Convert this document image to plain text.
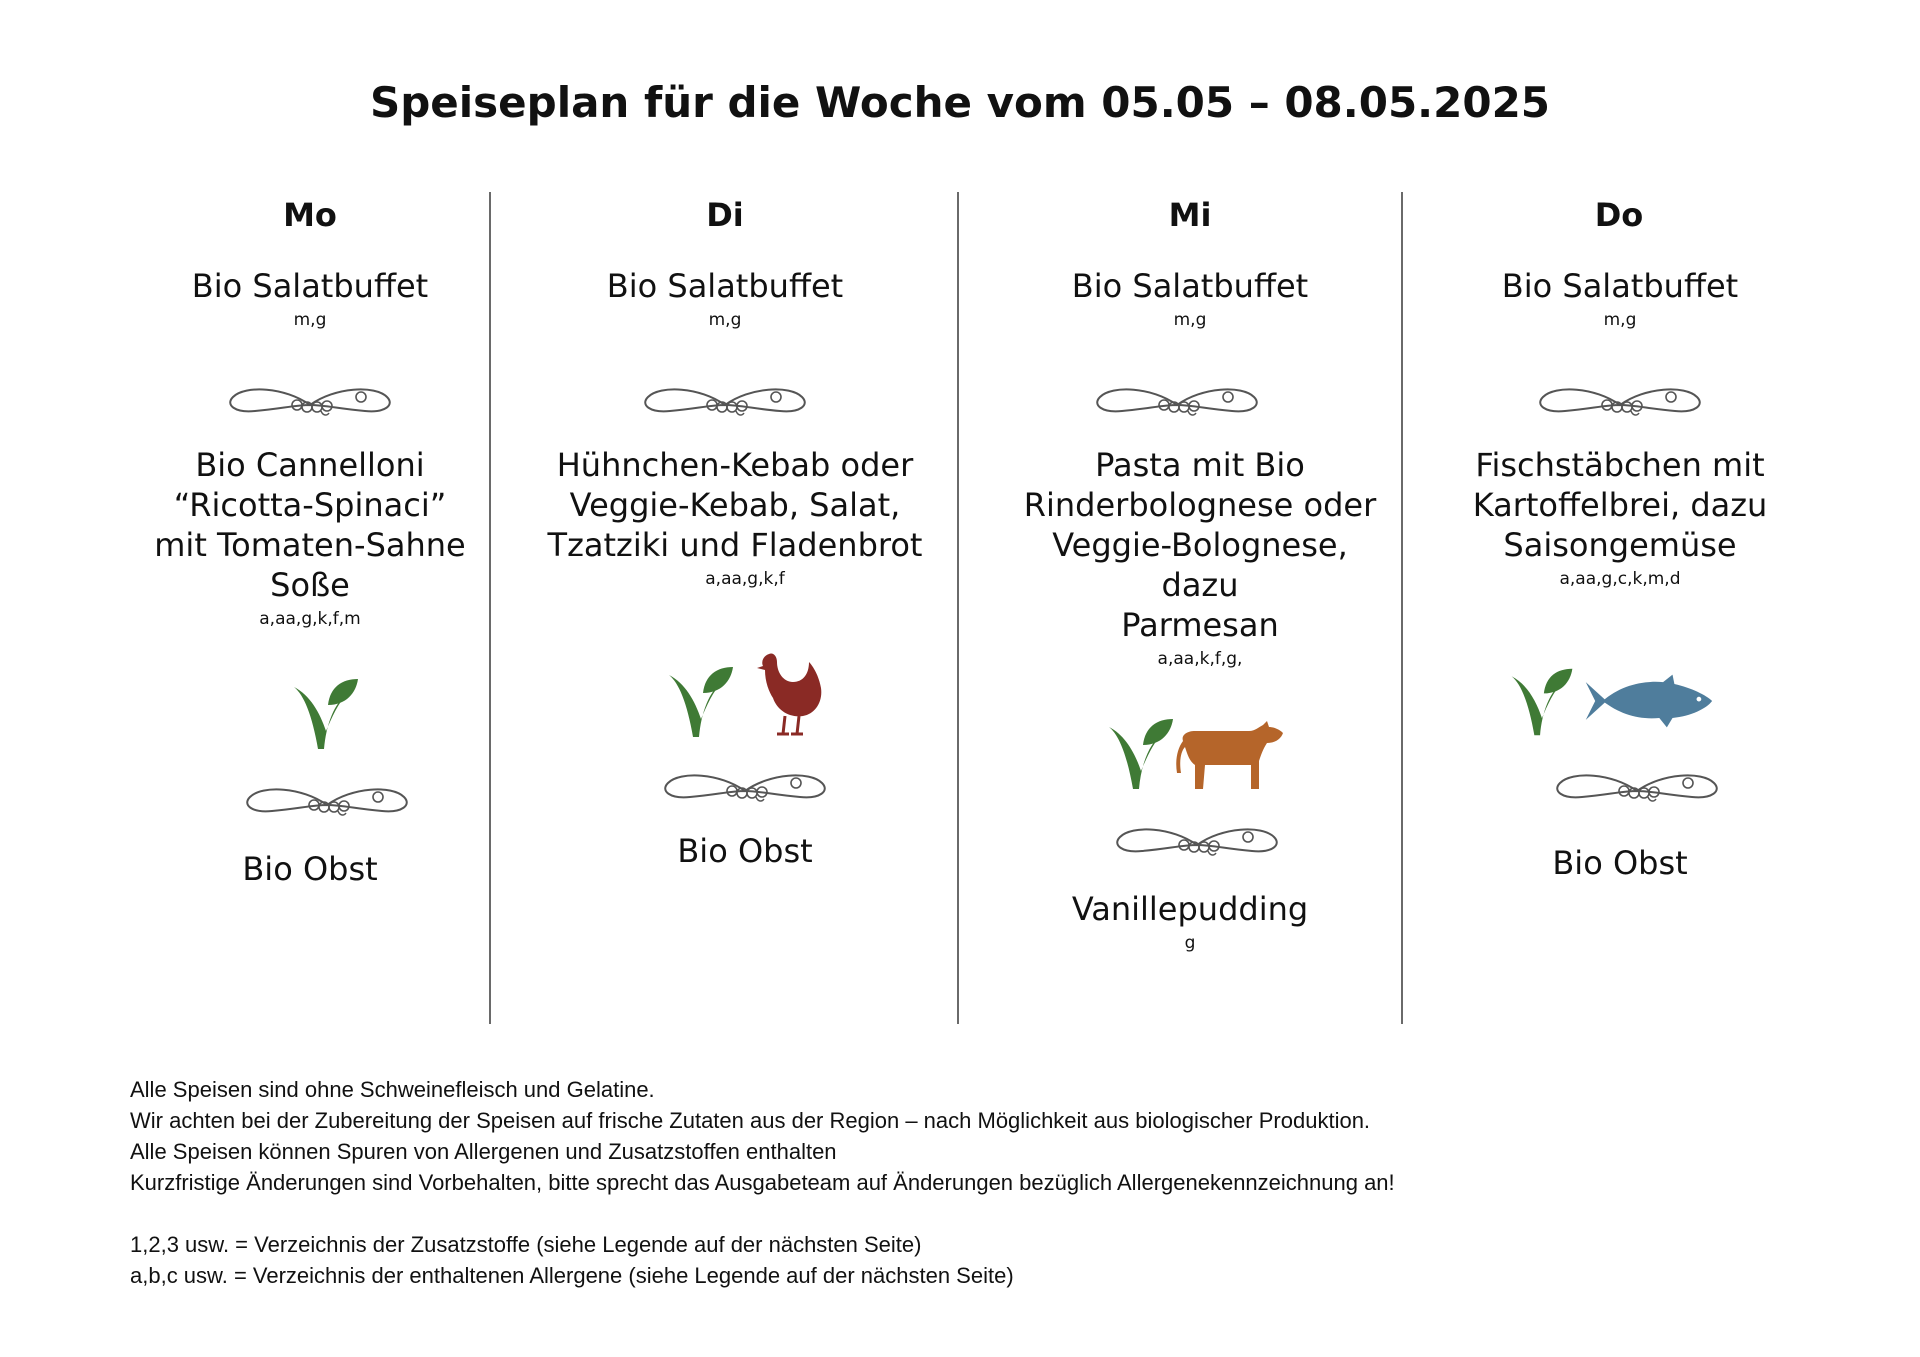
Speiseplan für die Woche vom 05.05 – 08.05.2025
Mo
Bio Salatbuffet
m,g
Bio Cannelloni
“Ricotta-Spinaci”
mit Tomaten-Sahne
Soße
a,aa,g,k,f,m
Bio Obst
Di
Bio Salatbuffet
m,g
Hühnchen-Kebab oder
Veggie-Kebab, Salat,
Tzatziki und Fladenbrot
a,aa,g,k,f
Bio Obst
Mi
Bio Salatbuffet
m,g
Pasta mit Bio
Rinderbolognese oder
Veggie-Bolognese, dazu
Parmesan
a,aa,k,f,g,
Vanillepudding
g
Do
Bio Salatbuffet
m,g
Fischstäbchen mit
Kartoffelbrei, dazu
Saisongemüse
a,aa,g,c,k,m,d
Bio Obst
Alle Speisen sind ohne Schweinefleisch und Gelatine.
Wir achten bei der Zubereitung der Speisen auf frische Zutaten aus der Region – nach Möglichkeit aus biologischer Produktion.
Alle Speisen können Spuren von Allergenen und Zusatzstoffen enthalten
Kurzfristige Änderungen sind Vorbehalten, bitte sprecht das Ausgabeteam auf Änderungen bezüglich Allergenekennzeichnung an!
1,2,3 usw. = Verzeichnis der Zusatzstoffe (siehe Legende auf der nächsten Seite)
a,b,c usw. = Verzeichnis der enthaltenen Allergene (siehe Legende auf der nächsten Seite)
